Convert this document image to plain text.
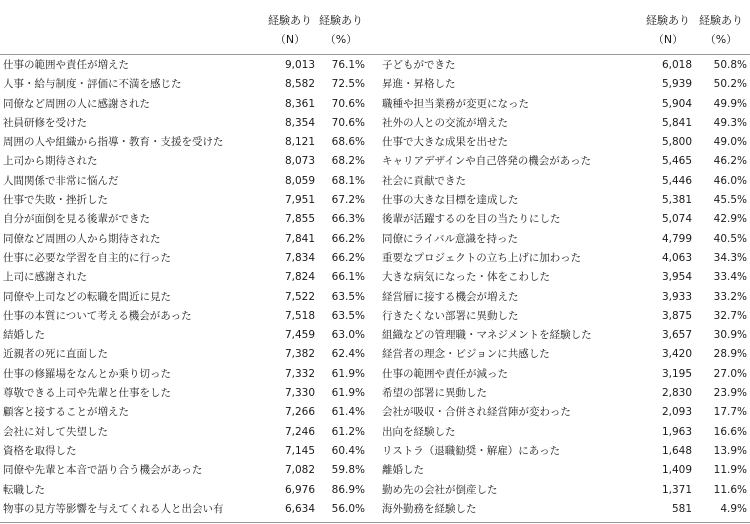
経験あり
（N）
経験あり
（%）
経験あり
（N）
経験あり
（%）
仕事の範囲や責任が増えた	9,013	76.1% 子どもができた	6,018	50.8%
人事・給与制度・評価に不満を感じた	8,582	72.5% 昇進・昇格した	5,939	50.2%
同僚など周囲の人に感謝された	8,361	70.6% 職種や担当業務が変更になった	5,904	49.9%
社員研修を受けた	8,354	70.6% 社外の人との交流が増えた	5,841	49.3%
周囲の人や組織から指導・教育・支援を受けた	8,121	68.6% 仕事で大きな成果を出せた	5,800	49.0%
上司から期待された	8,073	68.2% キャリアデザインや自己啓発の機会があった	5,465	46.2%
人間関係で非常に悩んだ	8,059	68.1% 社会に貢献できた	5,446	46.0%
仕事で失敗・挫折した	7,951	67.2% 仕事の大きな目標を達成した	5,381	45.5%
自分が面倒を見る後輩ができた	7,855	66.3% 後輩が活躍するのを目の当たりにした	5,074	42.9%
同僚など周囲の人から期待された	7,841	66.2% 同僚にライバル意識を持った	4,799	40.5%
仕事に必要な学習を自主的に行った	7,834	66.2% 重要なプロジェクトの立ち上げに加わった	4,063	34.3%
上司に感謝された	7,824	66.1% 大きな病気になった・体をこわした	3,954	33.4%
同僚や上司などの転職を間近に見た	7,522	63.5% 経営層に接する機会が増えた	3,933	33.2%
仕事の本質について考える機会があった	7,518	63.5% 行きたくない部署に異動した	3,875	32.7%
結婚した	7,459	63.0% 組織などの管理職・マネジメントを経験した	3,657	30.9%
近親者の死に直面した	7,382	62.4% 経営者の理念・ビジョンに共感した	3,420	28.9%
仕事の修羅場をなんとか乗り切った	7,332	61.9% 仕事の範囲や責任が減った	3,195	27.0%
尊敬できる上司や先輩と仕事をした	7,330	61.9% 希望の部署に異動した	2,830	23.9%
顧客と接することが増えた	7,266	61.4% 会社が吸収・合併され経営陣が変わった	2,093	17.7%
会社に対して失望した	7,246	61.2% 出向を経験した	1,963	16.6%
資格を取得した	7,145	60.4% リストラ（退職勧奨・解雇）にあった	1,648	13.9%
同僚や先輩と本音で語り合う機会があった	7,082	59.8% 離婚した	1,409	11.9%
転職した	6,976	86.9% 勤め先の会社が倒産した	1,371	11.6%
物事の見方等影響を与えてくれる人と出会い有	6,634	56.0% 海外勤務を経験した	581	4.9%
